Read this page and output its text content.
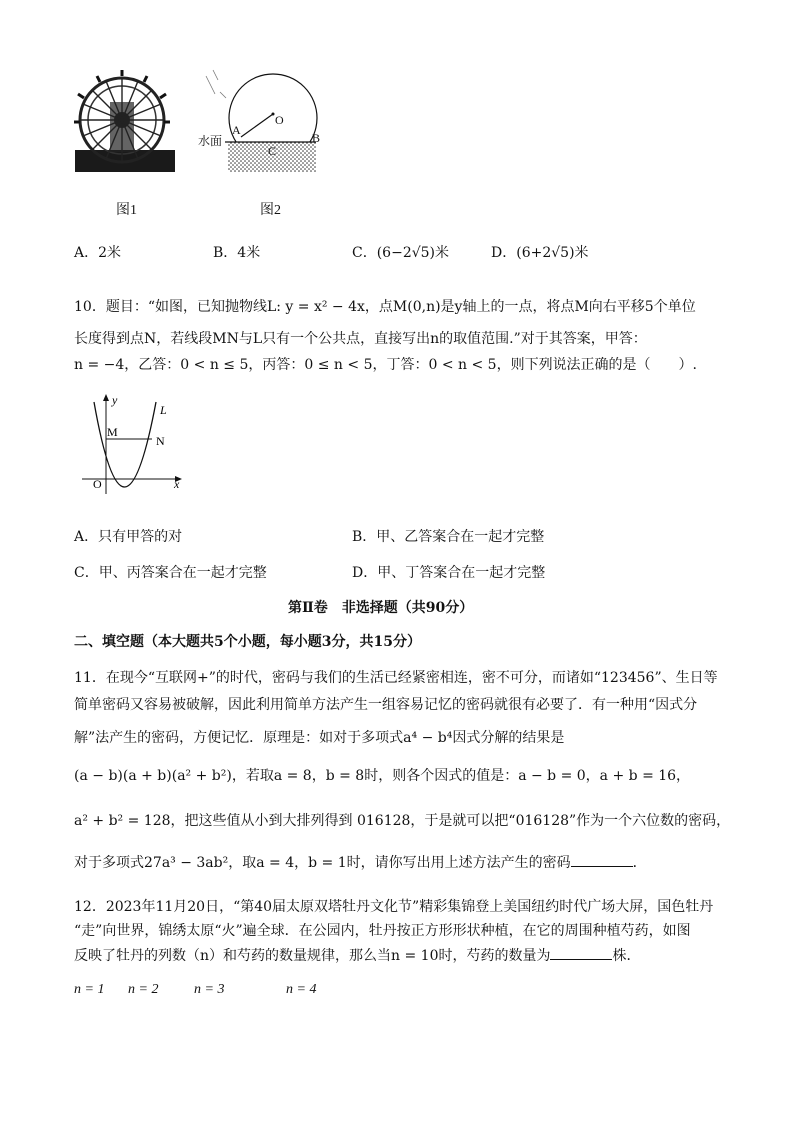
图1
水面
A
O
B
C
图2
A．2米	B．4米	C．(6−2√5)米	D．(6+2√5)米
10．题目：“如图，已知抛物线L: y = x² − 4x，点M(0,n)是y轴上的一点，将点M向右平移5个单位
长度得到点N，若线段MN与L只有一个公共点，直接写出n的取值范围.”对于其答案，甲答：
n = −4，乙答：0 < n ≤ 5，丙答：0 ≤ n < 5，丁答：0 < n < 5，则下列说法正确的是（　　）.
y
L
M
N
O	x
A．只有甲答的对	B．甲、乙答案合在一起才完整
C．甲、丙答案合在一起才完整	D．甲、丁答案合在一起才完整
第Ⅱ卷　非选择题（共90分）
二、填空题（本大题共5个小题，每小题3分，共15分）
11．在现今“互联网+”的时代，密码与我们的生活已经紧密相连，密不可分，而诸如“123456”、生日等
简单密码又容易被破解，因此利用简单方法产生一组容易记忆的密码就很有必要了．有一种用“因式分
解”法产生的密码，方便记忆．原理是：如对于多项式a⁴ − b⁴因式分解的结果是
(a − b)(a + b)(a² + b²)，若取a = 8，b = 8时，则各个因式的值是：a − b = 0，a + b = 16，
a² + b² = 128，把这些值从小到大排列得到 016128，于是就可以把“016128”作为一个六位数的密码，
对于多项式27a³ − 3ab²，取a = 4，b = 1时，请你写出用上述方法产生的密码	．
12．2023年11月20日，“第40届太原双塔牡丹文化节”精彩集锦登上美国纽约时代广场大屏，国色牡丹
“走”向世界，锦绣太原“火”遍全球．在公园内，牡丹按正方形形状种植，在它的周围种植芍药，如图
反映了牡丹的列数（n）和芍药的数量规律，那么当n = 10时，芍药的数量为	株．
n = 1 n = 2	n = 3	n = 4
